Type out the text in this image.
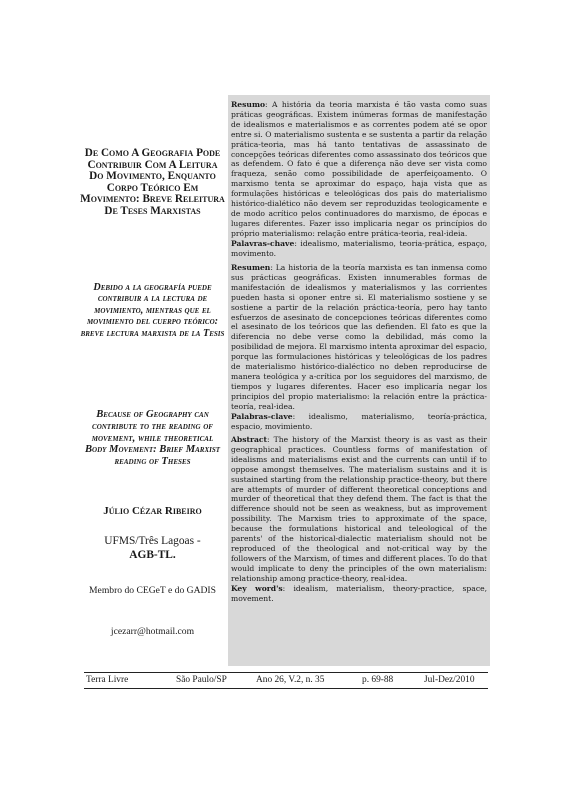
De Como A Geografia Pode Contribuir Com A Leitura Do Movimento, Enquanto Corpo Teórico Em Movimento: Breve Releitura De Teses Marxistas

Debido a la geografía puede contribuir a la lectura de movimiento, mientras que el movimiento del cuerpo teórico: breve lectura marxista de la Tesis

Because of Geography can contribute to the reading of movement, while theoretical Body Movement: Brief Marxist reading of Theses

Júlio Cézar Ribeiro
UFMS/Três Lagoas -
AGB-TL.
Membro do CEGeT e do GADIS
jcezarr@hotmail.com

Resumo: A história da teoria marxista é tão vasta como suas práticas geográficas. Existem inúmeras formas de manifestação de idealismos e materialismos e as correntes podem até se opor entre si. O materialismo sustenta e se sustenta a partir da relação prática-teoria, mas há tanto tentativas de assassinato de concepções teóricas diferentes como assassinato dos teóricos que as defendem. O fato é que a diferença não deve ser vista como fraqueza, senão como possibilidade de aperfeiçoamento. O marxismo tenta se aproximar do espaço, haja vista que as formulações históricas e teleológicas dos pais do materialismo histórico-dialético não devem ser reproduzidas teologicamente e de modo acrítico pelos continuadores do marxismo, de épocas e lugares diferentes. Fazer isso implicaria negar os princípios do próprio materialismo: relação entre prática-teoria, real-ideia.
Palavras-chave: idealismo, materialismo, teoria-prática, espaço, movimento.

Resumen: La historia de la teoría marxista es tan inmensa como sus prácticas geográficas. Existen innumerables formas de manifestación de idealismos y materialismos y las corrientes pueden hasta si oponer entre si. El materialismo sostiene y se sostiene a partir de la relación práctica-teoría, pero hay tanto esfuerzos de asesinato de concepciones teóricas diferentes como el asesinato de los teóricos que las defienden. El fato es que la diferencia no debe verse como la debilidad, más como la posibilidad de mejora. El marxismo intenta aproximar del espacio, porque las formulaciones históricas y teleológicas de los padres de materialismo histórico-dialéctico no deben reproducirse de manera teológica y a-crítica por los seguidores del marxismo, de tiempos y lugares diferentes. Hacer eso implicaría negar los principios del propio materialismo: la relación entre la práctica-teoría, real-idea.
Palabras-clave: idealismo, materialismo, teoría-práctica, espacio, movimiento.

Abstract: The history of the Marxist theory is as vast as their geographical practices. Countless forms of manifestation of idealisms and materialisms exist and the currents can until if to oppose amongst themselves. The materialism sustains and it is sustained starting from the relationship practice-theory, but there are attempts of murder of different theoretical conceptions and murder of theoretical that they defend them. The fact is that the difference should not be seen as weakness, but as improvement possibility. The Marxism tries to approximate of the space, because the formulations historical and teleological of the parents' of the historical-dialectic materialism should not be reproduced of the theological and not-critical way by the followers of the Marxism, of times and different places. To do that would implicate to deny the principles of the own materialism: relationship among practice-theory, real-idea.
Key word's: idealism, materialism, theory-practice, space, movement.

Terra Livre	São Paulo/SP	Ano 26, V.2, n. 35	p. 69-88	Jul-Dez/2010
